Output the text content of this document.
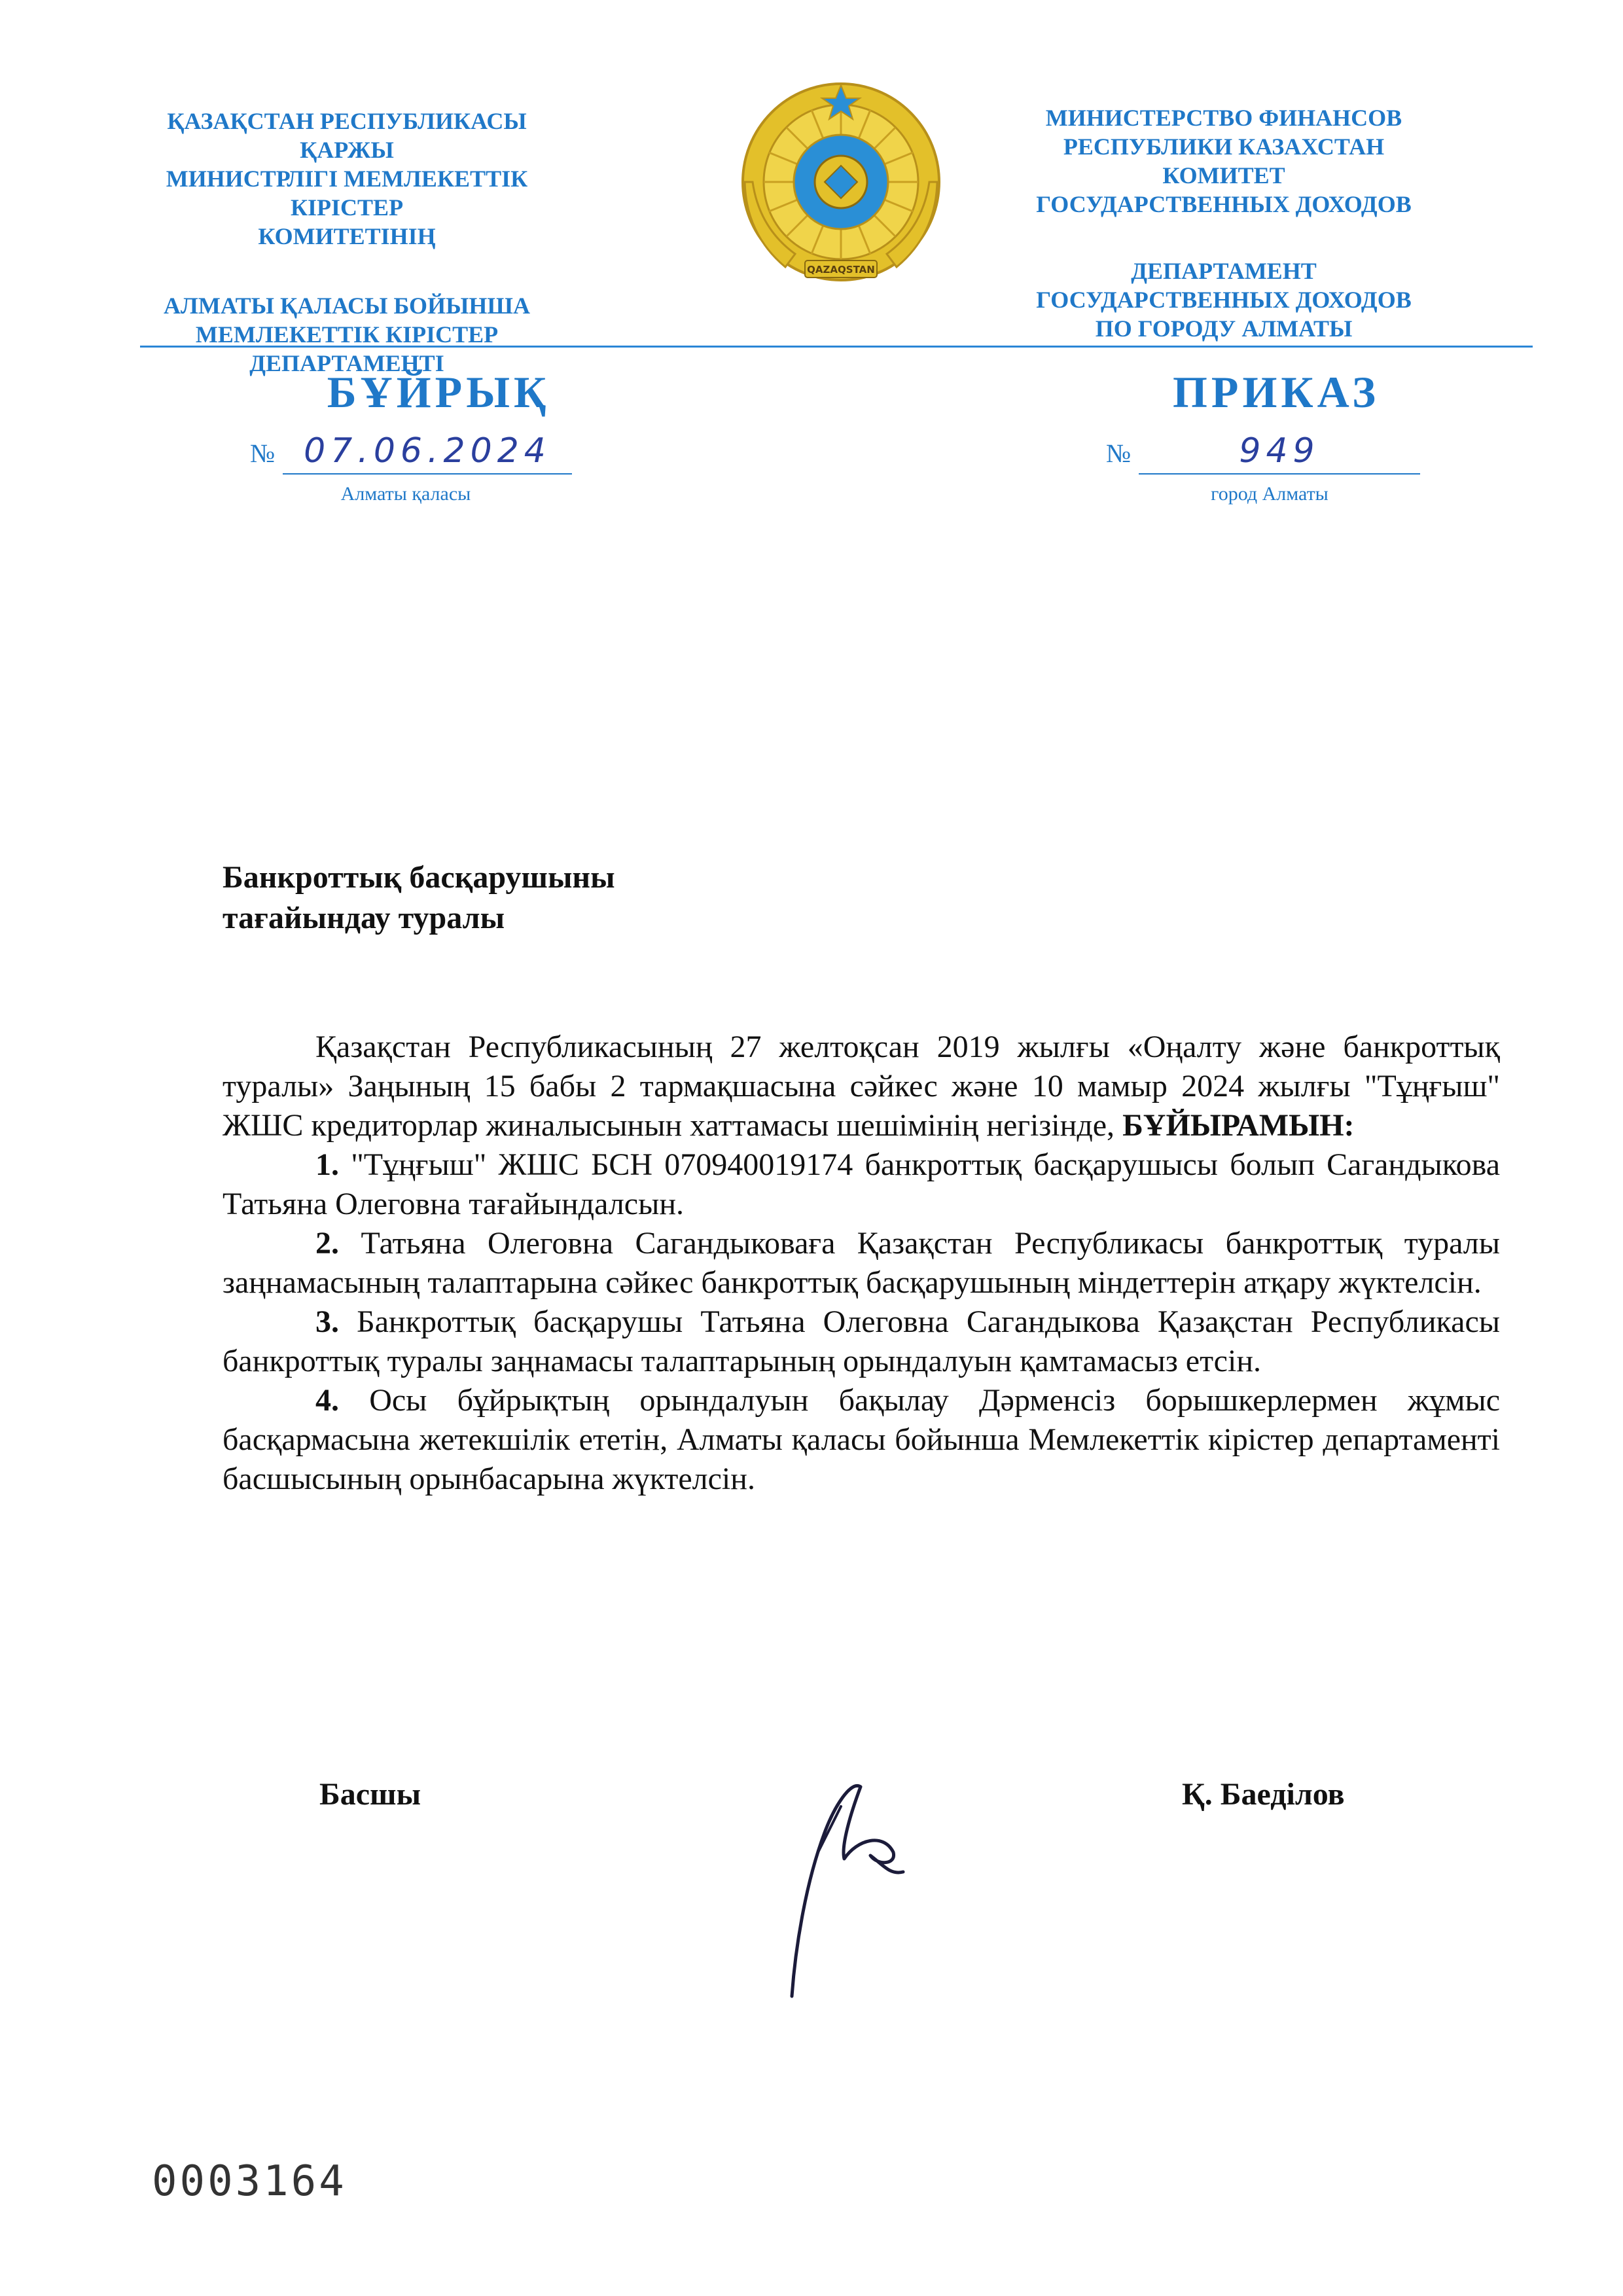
ҚАЗАҚСТАН РЕСПУБЛИКАСЫ ҚАРЖЫ
МИНИСТРЛІГІ МЕМЛЕКЕТТІК КІРІСТЕР
КОМИТЕТІНІҢ
АЛМАТЫ ҚАЛАСЫ БОЙЫНША
МЕМЛЕКЕТТІК КІРІСТЕР ДЕПАРТАМЕНТІ
QAZAQSTAN
МИНИСТЕРСТВО ФИНАНСОВ
РЕСПУБЛИКИ КАЗАХСТАН КОМИТЕТ
ГОСУДАРСТВЕННЫХ ДОХОДОВ
ДЕПАРТАМЕНТ
ГОСУДАРСТВЕННЫХ ДОХОДОВ
ПО ГОРОДУ АЛМАТЫ
БҰЙРЫҚ	ПРИКАЗ
№ 07.06.2024	№	949
Алматы қаласы	город Алматы
Банкроттық басқарушыны
тағайындау туралы

Қазақстан Республикасының 27 желтоқсан 2019 жылғы «Оңалту және банкроттық туралы» Заңының 15 бабы 2 тармақшасына сәйкес және 10 мамыр 2024 жылғы "Тұңғыш" ЖШС кредиторлар жиналысынын хаттамасы шешімінің негізінде, БҰЙЫРАМЫН:

1. "Тұңғыш" ЖШС БСН 070940019174 банкроттық басқарушысы болып Сагандыкова Татьяна Олеговна тағайындалсын.

2. Татьяна Олеговна Сагандыковаға Қазақстан Республикасы банкроттық туралы заңнамасының талаптарына сәйкес банкроттық басқарушының міндеттерін атқару жүктелсін.

3. Банкроттық басқарушы Татьяна Олеговна Сагандыкова Қазақстан Республикасы банкроттық туралы заңнамасы талаптарының орындалуын қамтамасыз етсін.

4. Осы бұйрықтың орындалуын бақылау Дәрменсіз борышкерлермен жұмыс басқармасына жетекшілік ететін, Алматы қаласы бойынша Мемлекеттік кірістер департаменті басшысының орынбасарына жүктелсін.

Басшы	Қ. Баеділов
0003164
